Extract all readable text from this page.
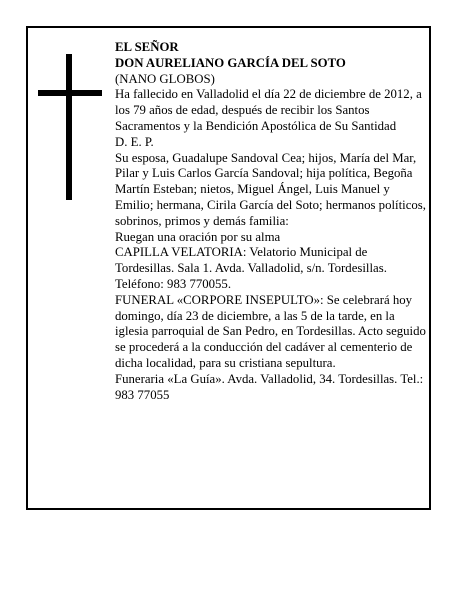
EL SEÑOR
DON AURELIANO GARCÍA DEL SOTO
(NANO GLOBOS)
Ha fallecido en Valladolid el día 22 de diciembre de 2012, a los 79 años de edad, después de recibir los Santos Sacramentos y la Bendición Apostólica de Su Santidad
D. E. P.
Su esposa, Guadalupe Sandoval Cea; hijos, María del Mar, Pilar y Luis Carlos García Sandoval; hija política, Begoña Martín Esteban; nietos, Miguel Ángel, Luis Manuel y Emilio; hermana, Cirila García del Soto; hermanos políticos, sobrinos, primos y demás familia:
Ruegan una oración por su alma
CAPILLA VELATORIA: Velatorio Municipal de Tordesillas. Sala 1. Avda. Valladolid, s/n. Tordesillas. Teléfono: 983 770055.
FUNERAL «CORPORE INSEPULTO»: Se celebrará hoy domingo, día 23 de diciembre, a las 5 de la tarde, en la iglesia parroquial de San Pedro, en Tordesillas. Acto seguido se procederá a la conducción del cadáver al cementerio de dicha localidad, para su cristiana sepultura.
Funeraria «La Guía». Avda. Valladolid, 34. Tordesillas. Tel.: 983 77055
